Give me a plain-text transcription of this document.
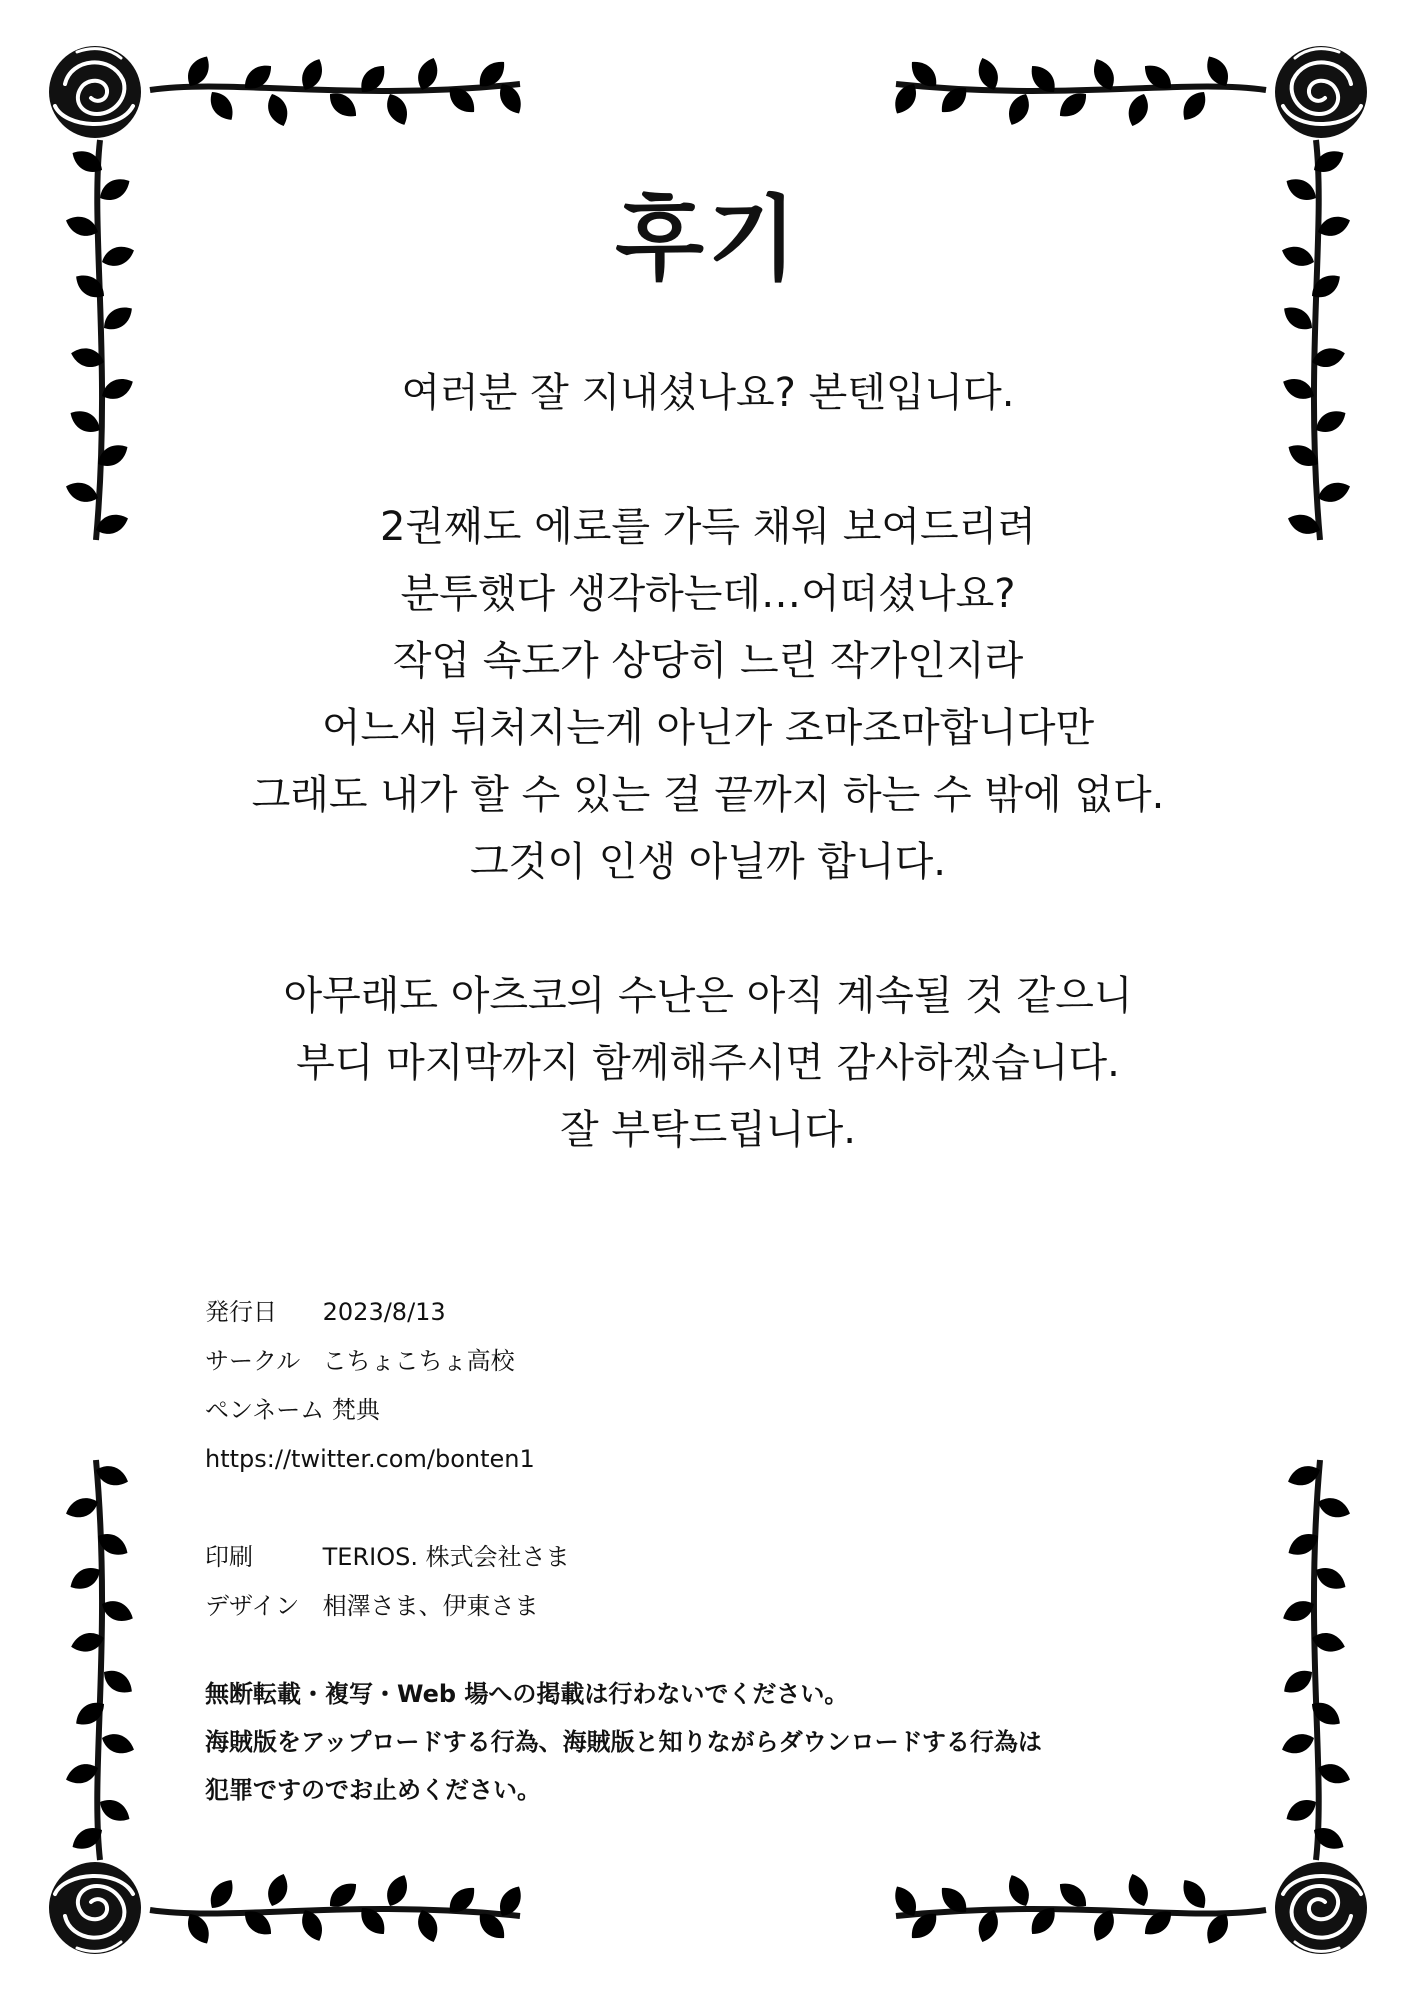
후기
여러분 잘 지내셨나요? 본텐입니다.
2권째도 에로를 가득 채워 보여드리려
분투했다 생각하는데…어떠셨나요?
작업 속도가 상당히 느린 작가인지라
어느새 뒤처지는게 아닌가 조마조마합니다만
그래도 내가 할 수 있는 걸 끝까지 하는 수 밖에 없다.
그것이 인생 아닐까 합니다.
아무래도 아츠코의 수난은 아직 계속될 것 같으니
부디 마지막까지 함께해주시면 감사하겠습니다.
잘 부탁드립니다.
発行日 2023/8/13
サークル こちょこちょ高校
ペンネーム 梵典
https://twitter.com/bonten1
印刷	TERIOS. 株式会社さま
デザイン 相澤さま、伊東さま
無断転載・複写・Web 場への掲載は行わないでください。
海賊版をアップロードする行為、海賊版と知りながらダウンロードする行為は
犯罪ですのでお止めください。
